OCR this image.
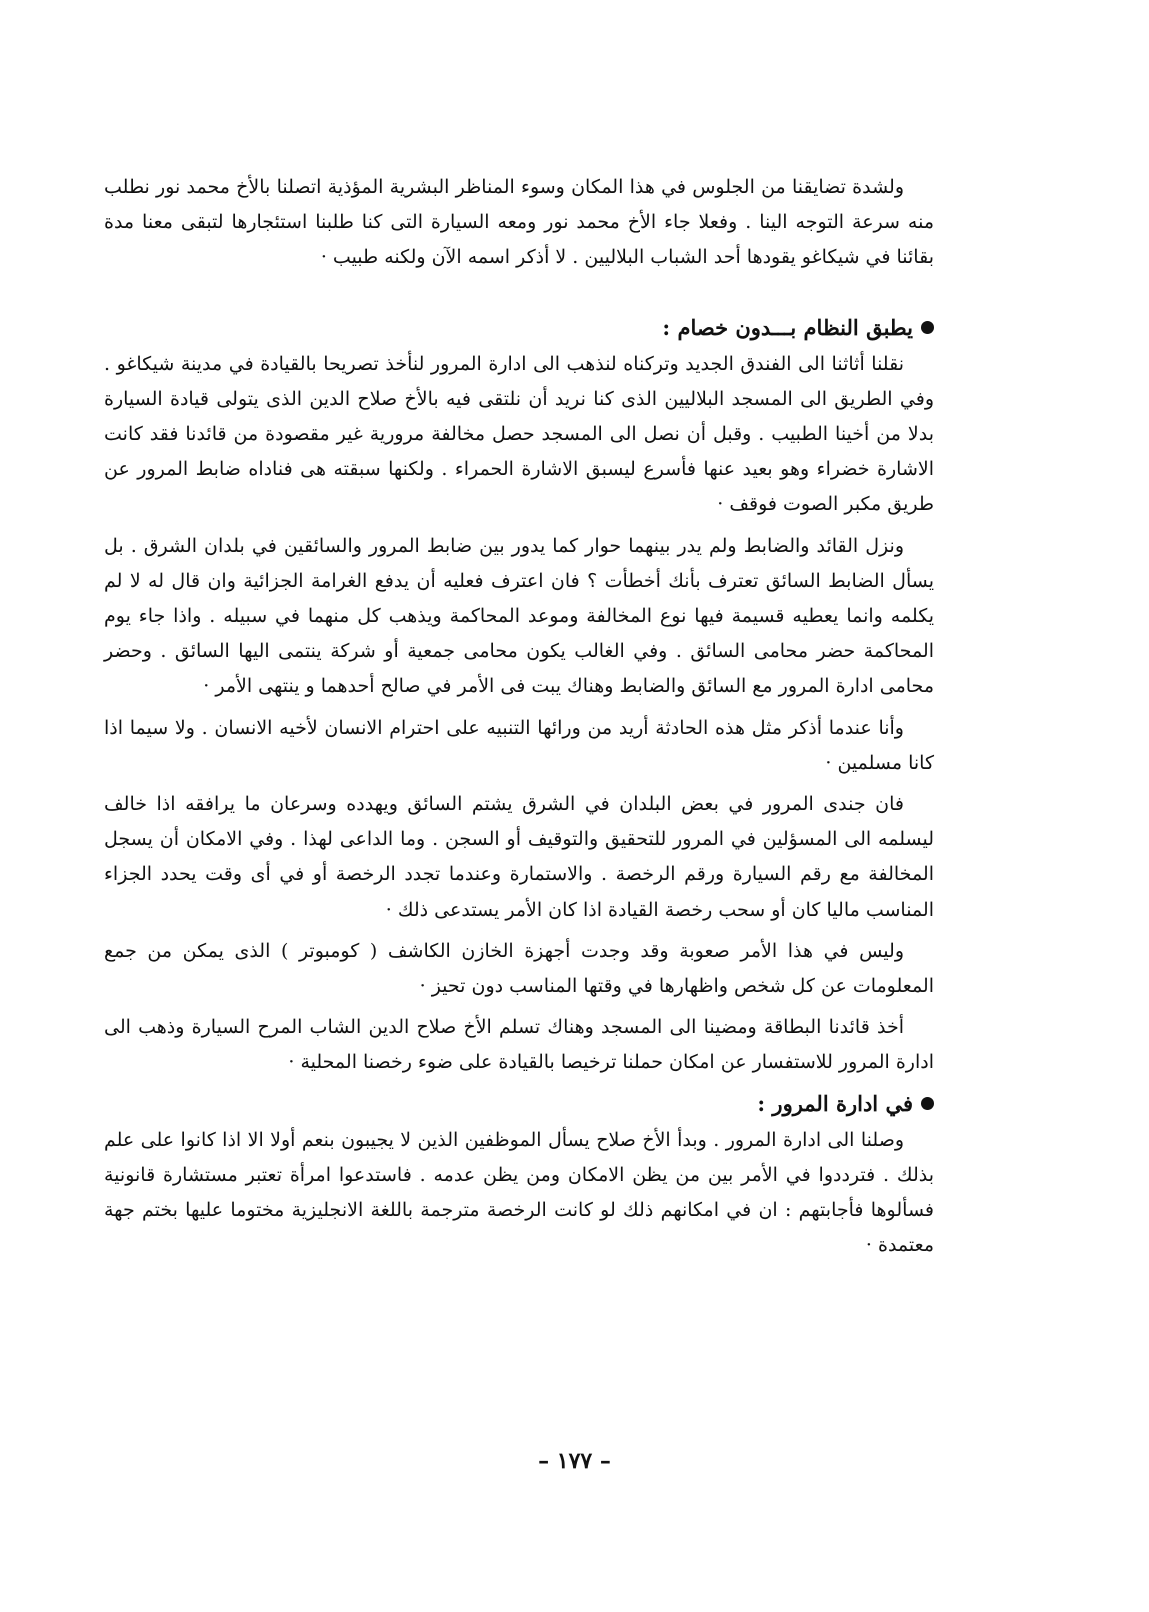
ولشدة تضايقنا من الجلوس في هذا المكان وسوء المناظر البشرية المؤذية اتصلنا بالأخ محمد نور نطلب منه سرعة التوجه الينا . وفعلا جاء الأخ محمد نور ومعه السيارة التى كنا طلبنا استئجارها لتبقى معنا مدة بقائنا في شيكاغو يقودها أحد الشباب البلاليين . لا أذكر اسمه الآن ولكنه طبيب ·

يطبق النظام بـــدون خصام :

نقلنا أثاثنا الى الفندق الجديد وتركناه لنذهب الى ادارة المرور لنأخذ تصريحا بالقيادة في مدينة شيكاغو . وفي الطريق الى المسجد البلاليين الذى كنا نريد أن نلتقى فيه بالأخ صلاح الدين الذى يتولى قيادة السيارة بدلا من أخينا الطبيب . وقبل أن نصل الى المسجد حصل مخالفة مرورية غير مقصودة من قائدنا فقد كانت الاشارة خضراء وهو بعيد عنها فأسرع ليسبق الاشارة الحمراء . ولكنها سبقته هى فناداه ضابط المرور عن طريق مكبر الصوت فوقف ·

ونزل القائد والضابط ولم يدر بينهما حوار كما يدور بين ضابط المرور والسائقين في بلدان الشرق . بل يسأل الضابط السائق تعترف بأنك أخطأت ؟ فان اعترف فعليه أن يدفع الغرامة الجزائية وان قال له لا لم يكلمه وانما يعطيه قسيمة فيها نوع المخالفة وموعد المحاكمة ويذهب كل منهما في سبيله . واذا جاء يوم المحاكمة حضر محامى السائق . وفي الغالب يكون محامى جمعية أو شركة ينتمى اليها السائق . وحضر محامى ادارة المرور مع السائق والضابط وهناك يبت فى الأمر في صالح أحدهما و ينتهى الأمر ·

وأنا عندما أذكر مثل هذه الحادثة أريد من ورائها التنبيه على احترام الانسان لأخيه الانسان . ولا سيما اذا كانا مسلمين ·

فان جندى المرور في بعض البلدان في الشرق يشتم السائق ويهدده وسرعان ما يرافقه اذا خالف ليسلمه الى المسؤلين في المرور للتحقيق والتوقيف أو السجن . وما الداعى لهذا . وفي الامكان أن يسجل المخالفة مع رقم السيارة ورقم الرخصة . والاستمارة وعندما تجدد الرخصة أو في أى وقت يحدد الجزاء المناسب ماليا كان أو سحب رخصة القيادة اذا كان الأمر يستدعى ذلك ·

وليس في هذا الأمر صعوبة وقد وجدت أجهزة الخازن الكاشف ( كومبوتر ) الذى يمكن من جمع المعلومات عن كل شخص واظهارها في وقتها المناسب دون تحيز ·

أخذ قائدنا البطاقة ومضينا الى المسجد وهناك تسلم الأخ صلاح الدين الشاب المرح السيارة وذهب الى ادارة المرور للاستفسار عن امكان حملنا ترخيصا بالقيادة على ضوء رخصنا المحلية ·

في ادارة المرور :

وصلنا الى ادارة المرور . وبدأ الأخ صلاح يسأل الموظفين الذين لا يجيبون بنعم أولا الا اذا كانوا على علم بذلك . فترددوا في الأمر بين من يظن الامكان ومن يظن عدمه . فاستدعوا امرأة تعتبر مستشارة قانونية فسألوها فأجابتهم : ان في امكانهم ذلك لو كانت الرخصة مترجمة باللغة الانجليزية مختوما عليها بختم جهة معتمدة ·

– ١٧٧ –
